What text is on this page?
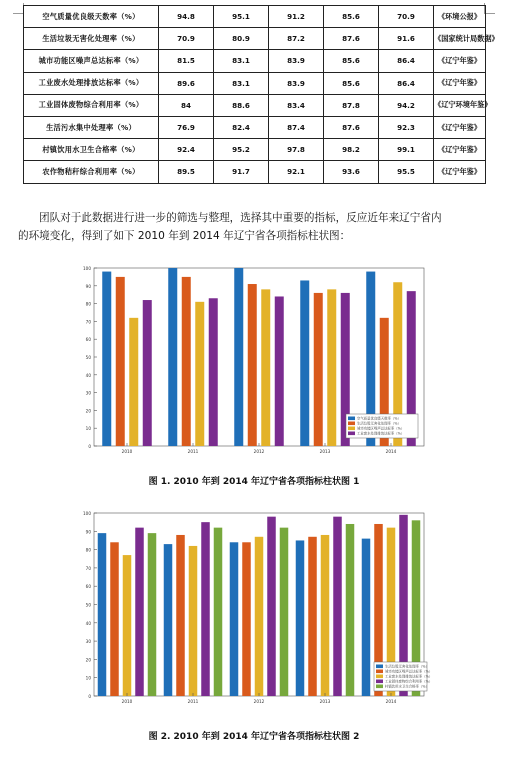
空气质量优良级天数率（%）	94.8	95.1	91.2	85.6	70.9	《环境公报》
生活垃圾无害化处理率（%）	70.9	80.9	87.2	87.6	91.6	《国家统计局数据》
城市功能区噪声总达标率（%）	81.5	83.1	83.9	85.6	86.4	《辽宁年鉴》
工业废水处理排放达标率（%）	89.6	83.1	83.9	85.6	86.4	《辽宁年鉴》
工业固体废物综合利用率（%）	84	88.6	83.4	87.8	94.2	《辽宁环境年鉴》
生活污水集中处理率（%）	76.9	82.4	87.4	87.6	92.3	《辽宁年鉴》
村镇饮用水卫生合格率（%）	92.4	95.2	97.8	98.2	99.1	《辽宁年鉴》
农作物秸秆综合利用率（%）	89.5	91.7	92.1	93.6	95.5	《辽宁年鉴》
团队对于此数据进行进一步的筛选与整理，选择其中重要的指标，反应近年来辽宁省内
的环境变化，得到了如下 2010 年到 2014 年辽宁省各项指标柱状图：
0
10
20
30
40
50
60
70
80
90
100
2010	2011	2012	2013	2014
空气质量优良级天数率（%）
生活垃圾无害化处理率（%）
城市功能区噪声总达标率（%）
工业废水处理排放达标率（%）
图 1. 2010 年到 2014 年辽宁省各项指标柱状图 1
0
10
20
30
40
50
60
70
80
90
100
2010	2011	2012	2013	2014
生活垃圾无害化处理率（%）
城市功能区噪声总达标率（%）
工业废水处理排放达标率（%）
工业固体废物综合利用率（%）
村镇饮用水卫生合格率（%）
图 2. 2010 年到 2014 年辽宁省各项指标柱状图 2
